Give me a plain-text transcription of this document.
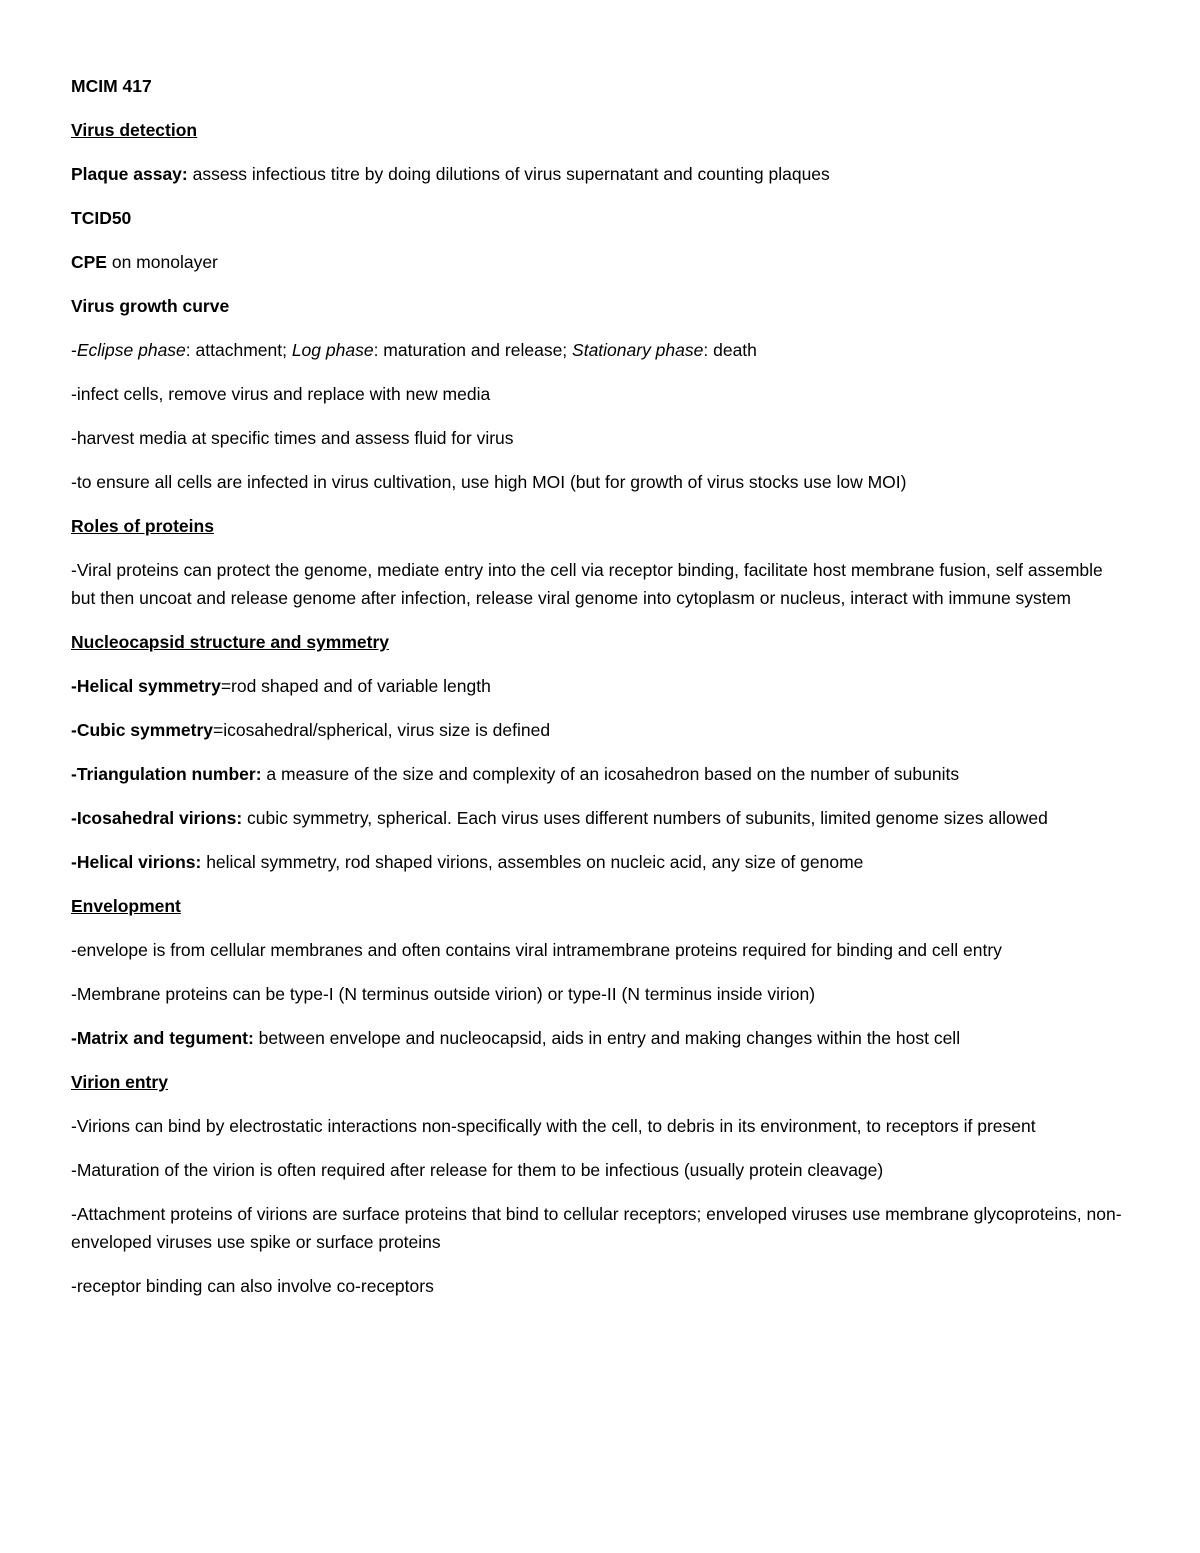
MCIM 417

Virus detection

Plaque assay: assess infectious titre by doing dilutions of virus supernatant and counting plaques

TCID50

CPE on monolayer

Virus growth curve

-Eclipse phase: attachment; Log phase: maturation and release; Stationary phase: death

-infect cells, remove virus and replace with new media

-harvest media at specific times and assess fluid for virus

-to ensure all cells are infected in virus cultivation, use high MOI (but for growth of virus stocks use low MOI)

Roles of proteins

-Viral proteins can protect the genome, mediate entry into the cell via receptor binding, facilitate host membrane fusion, self assemble but then uncoat and release genome after infection, release viral genome into cytoplasm or nucleus, interact with immune system

Nucleocapsid structure and symmetry

-Helical symmetry=rod shaped and of variable length

-Cubic symmetry=icosahedral/spherical, virus size is defined

-Triangulation number: a measure of the size and complexity of an icosahedron based on the number of subunits

-Icosahedral virions: cubic symmetry, spherical. Each virus uses different numbers of subunits, limited genome sizes allowed

-Helical virions: helical symmetry, rod shaped virions, assembles on nucleic acid, any size of genome

Envelopment

-envelope is from cellular membranes and often contains viral intramembrane proteins required for binding and cell entry

-Membrane proteins can be type-I (N terminus outside virion) or type-II (N terminus inside virion)

-Matrix and tegument: between envelope and nucleocapsid, aids in entry and making changes within the host cell

Virion entry

-Virions can bind by electrostatic interactions non-specifically with the cell, to debris in its environment, to receptors if present

-Maturation of the virion is often required after release for them to be infectious (usually protein cleavage)

-Attachment proteins of virions are surface proteins that bind to cellular receptors; enveloped viruses use membrane glycoproteins, non-enveloped viruses use spike or surface proteins

-receptor binding can also involve co-receptors
